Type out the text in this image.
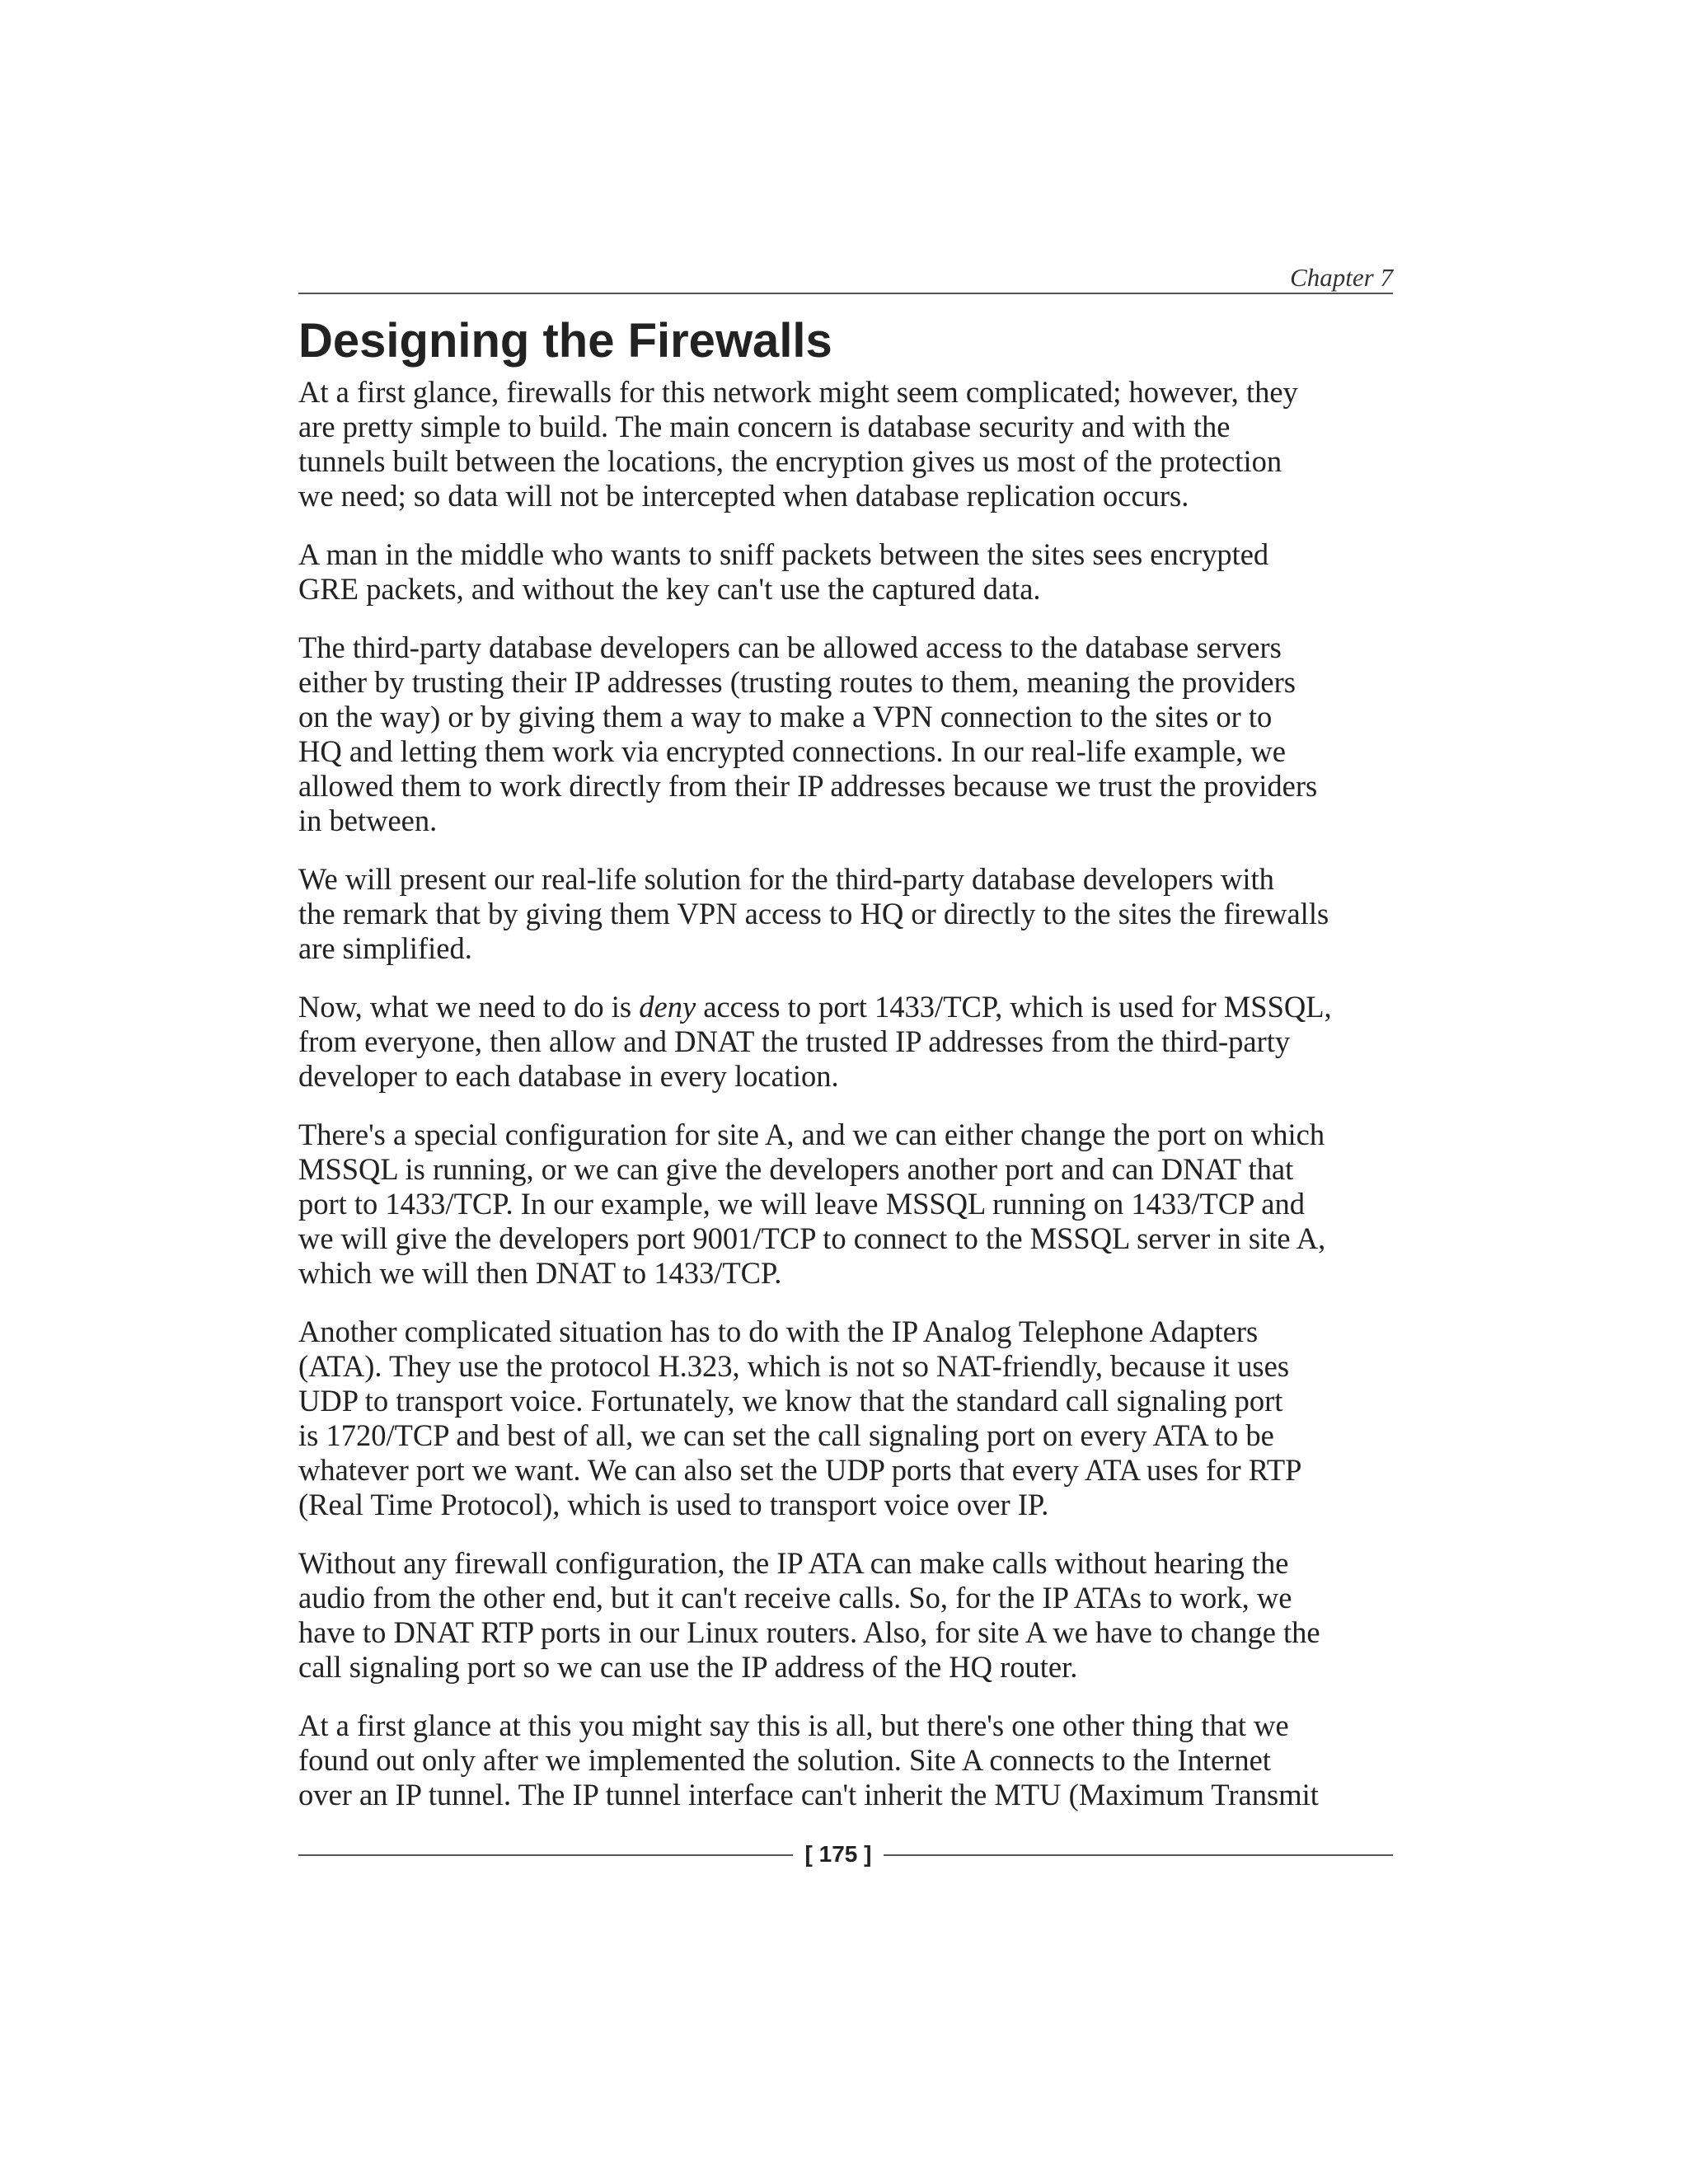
Chapter 7
Designing the Firewalls

At a first glance, firewalls for this network might seem complicated; however, they
are pretty simple to build. The main concern is database security and with the
tunnels built between the locations, the encryption gives us most of the protection
we need; so data will not be intercepted when database replication occurs.

A man in the middle who wants to sniff packets between the sites sees encrypted
GRE packets, and without the key can't use the captured data.

The third-party database developers can be allowed access to the database servers
either by trusting their IP addresses (trusting routes to them, meaning the providers
on the way) or by giving them a way to make a VPN connection to the sites or to
HQ and letting them work via encrypted connections. In our real-life example, we
allowed them to work directly from their IP addresses because we trust the providers
in between.

We will present our real-life solution for the third-party database developers with
the remark that by giving them VPN access to HQ or directly to the sites the firewalls
are simplified.

Now, what we need to do is deny access to port 1433/TCP, which is used for MSSQL,
from everyone, then allow and DNAT the trusted IP addresses from the third-party
developer to each database in every location.

There's a special configuration for site A, and we can either change the port on which
MSSQL is running, or we can give the developers another port and can DNAT that
port to 1433/TCP. In our example, we will leave MSSQL running on 1433/TCP and
we will give the developers port 9001/TCP to connect to the MSSQL server in site A,
which we will then DNAT to 1433/TCP.

Another complicated situation has to do with the IP Analog Telephone Adapters
(ATA). They use the protocol H.323, which is not so NAT-friendly, because it uses
UDP to transport voice. Fortunately, we know that the standard call signaling port
is 1720/TCP and best of all, we can set the call signaling port on every ATA to be
whatever port we want. We can also set the UDP ports that every ATA uses for RTP
(Real Time Protocol), which is used to transport voice over IP.

Without any firewall configuration, the IP ATA can make calls without hearing the
audio from the other end, but it can't receive calls. So, for the IP ATAs to work, we
have to DNAT RTP ports in our Linux routers. Also, for site A we have to change the
call signaling port so we can use the IP address of the HQ router.

At a first glance at this you might say this is all, but there's one other thing that we
found out only after we implemented the solution. Site A connects to the Internet
over an IP tunnel. The IP tunnel interface can't inherit the MTU (Maximum Transmit

[ 175 ]
